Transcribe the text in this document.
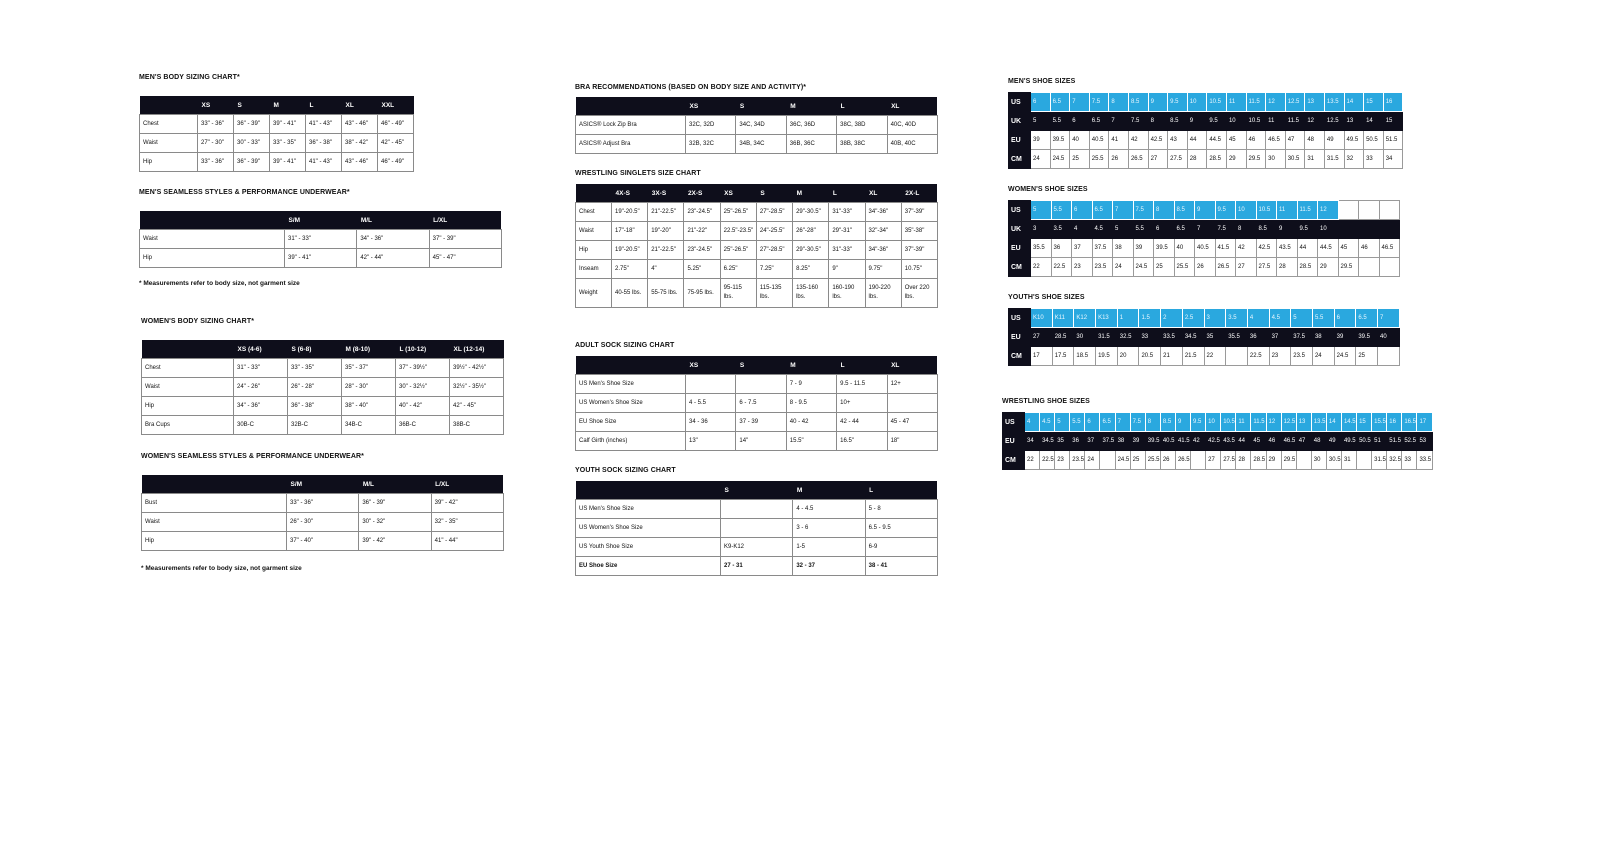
MEN'S BODY SIZING CHART*
	XS	S	M	L	XL	XXL
Chest	33" - 36"	36" - 39"	39" - 41"	41" - 43"	43" - 46"	46" - 49"
Waist	27" - 30"	30" - 33"	33" - 35"	36" - 38"	38" - 42"	42" - 45"
Hip	33" - 36"	36" - 39"	39" - 41"	41" - 43"	43" - 46"	46" - 49"
MEN'S SEAMLESS STYLES & PERFORMANCE UNDERWEAR*
	S/M	M/L	L/XL
Waist	31" - 33"	34" - 36"	37" - 39"
Hip	39" - 41"	42" - 44"	45" - 47"
* Measurements refer to body size, not garment size
WOMEN'S BODY SIZING CHART*
	XS (4-6)	S (6-8)	M (8-10)	L (10-12)	XL (12-14)
Chest	31" - 33"	33" - 35"	35" - 37"	37" - 39½"	39½" - 42½"
Waist	24" - 26"	26" - 28"	28" - 30"	30" - 32½"	32½" - 35½"
Hip	34" - 36"	36" - 38"	38" - 40"	40" - 42"	42" - 45"
Bra Cups	30B-C	32B-C	34B-C	36B-C	38B-C
WOMEN'S SEAMLESS STYLES & PERFORMANCE UNDERWEAR*
	S/M	M/L	L/XL
Bust	33" - 36"	36" - 39"	39" - 42"
Waist	26" - 30"	30" - 32"	32" - 35"
Hip	37" - 40"	39" - 42"	41" - 44"
* Measurements refer to body size, not garment size
BRA RECOMMENDATIONS (BASED ON BODY SIZE AND ACTIVITY)*
	XS	S	M	L	XL
ASICS® Lock Zip Bra	32C, 32D	34C, 34D	36C, 36D	38C, 38D	40C, 40D
ASICS® Adjust Bra	32B, 32C	34B, 34C	36B, 36C	38B, 38C	40B, 40C
WRESTLING SINGLETS SIZE CHART
	4X-S	3X-S	2X-S	XS	S	M	L	XL	2X-L
Chest	19"-20.5"	21"-22.5"	23"-24.5"	25"-26.5"	27"-28.5"	29"-30.5"	31"-33"	34"-36"	37"-39"
Waist	17"-18"	19"-20"	21"-22"	22.5"-23.5"	24"-25.5"	26"-28"	29"-31"	32"-34"	35"-38"
Hip	19"-20.5"	21"-22.5"	23"-24.5"	25"-26.5"	27"-28.5"	29"-30.5"	31"-33"	34"-36"	37"-39"
Inseam	2.75"	4"	5.25"	6.25"	7.25"	8.25"	9"	9.75"	10.75"
Weight	40-55 lbs.	55-75 lbs.	75-95 lbs.	95-115 lbs.	115-135 lbs.	135-160 lbs.	160-190 lbs.	190-220 lbs.	Over 220 lbs.
ADULT SOCK SIZING CHART
	XS	S	M	L	XL
US Men's Shoe Size			7 - 9	9.5 - 11.5	12+
US Women's Shoe Size	4 - 5.5	6 - 7.5	8 - 9.5	10+	
EU Shoe Size	34 - 36	37 - 39	40 - 42	42 - 44	45 - 47
Calf Girth (inches)	13"	14"	15.5"	16.5"	18"
YOUTH SOCK SIZING CHART
	S	M	L
US Men's Shoe Size		4 - 4.5	5 - 8
US Women's Shoe Size		3 - 6	6.5 - 9.5
US Youth Shoe Size	K9-K12	1-5	6-9
EU Shoe Size	27 - 31	32 - 37	38 - 41
MEN'S SHOE SIZES
US	6	6.5	7	7.5	8	8.5	9	9.5	10	10.5	11	11.5	12	12.5	13	13.5	14	15	16
UK	5	5.5	6	6.5	7	7.5	8	8.5	9	9.5	10	10.5	11	11.5	12	12.5	13	14	15
EU	39	39.5	40	40.5	41	42	42.5	43	44	44.5	45	46	46.5	47	48	49	49.5	50.5	51.5
CM	24	24.5	25	25.5	26	26.5	27	27.5	28	28.5	29	29.5	30	30.5	31	31.5	32	33	34
WOMEN'S SHOE SIZES
US	5	5.5	6	6.5	7	7.5	8	8.5	9	9.5	10	10.5	11	11.5	12			
UK	3	3.5	4	4.5	5	5.5	6	6.5	7	7.5	8	8.5	9	9.5	10			
EU	35.5	36	37	37.5	38	39	39.5	40	40.5	41.5	42	42.5	43.5	44	44.5	45	46	46.5
CM	22	22.5	23	23.5	24	24.5	25	25.5	26	26.5	27	27.5	28	28.5	29	29.5		
YOUTH'S SHOE SIZES
US	K10	K11	K12	K13	1	1.5	2	2.5	3	3.5	4	4.5	5	5.5	6	6.5	7
EU	27	28.5	30	31.5	32.5	33	33.5	34.5	35	35.5	36	37	37.5	38	39	39.5	40
CM	17	17.5	18.5	19.5	20	20.5	21	21.5	22		22.5	23	23.5	24	24.5	25	
WRESTLING SHOE SIZES
US	4	4.5	5	5.5	6	6.5	7	7.5	8	8.5	9	9.5	10	10.5	11	11.5	12	12.5	13	13.5	14	14.5	15	15.5	16	16.5	17
EU	34	34.5	35	36	37	37.5	38	39	39.5	40.5	41.5	42	42.5	43.5	44	45	46	46.5	47	48	49	49.5	50.5	51	51.5	52.5	53
CM	22	22.5	23	23.5	24		24.5	25	25.5	26	26.5		27	27.5	28	28.5	29	29.5		30	30.5	31		31.5	32.5	33	33.5
